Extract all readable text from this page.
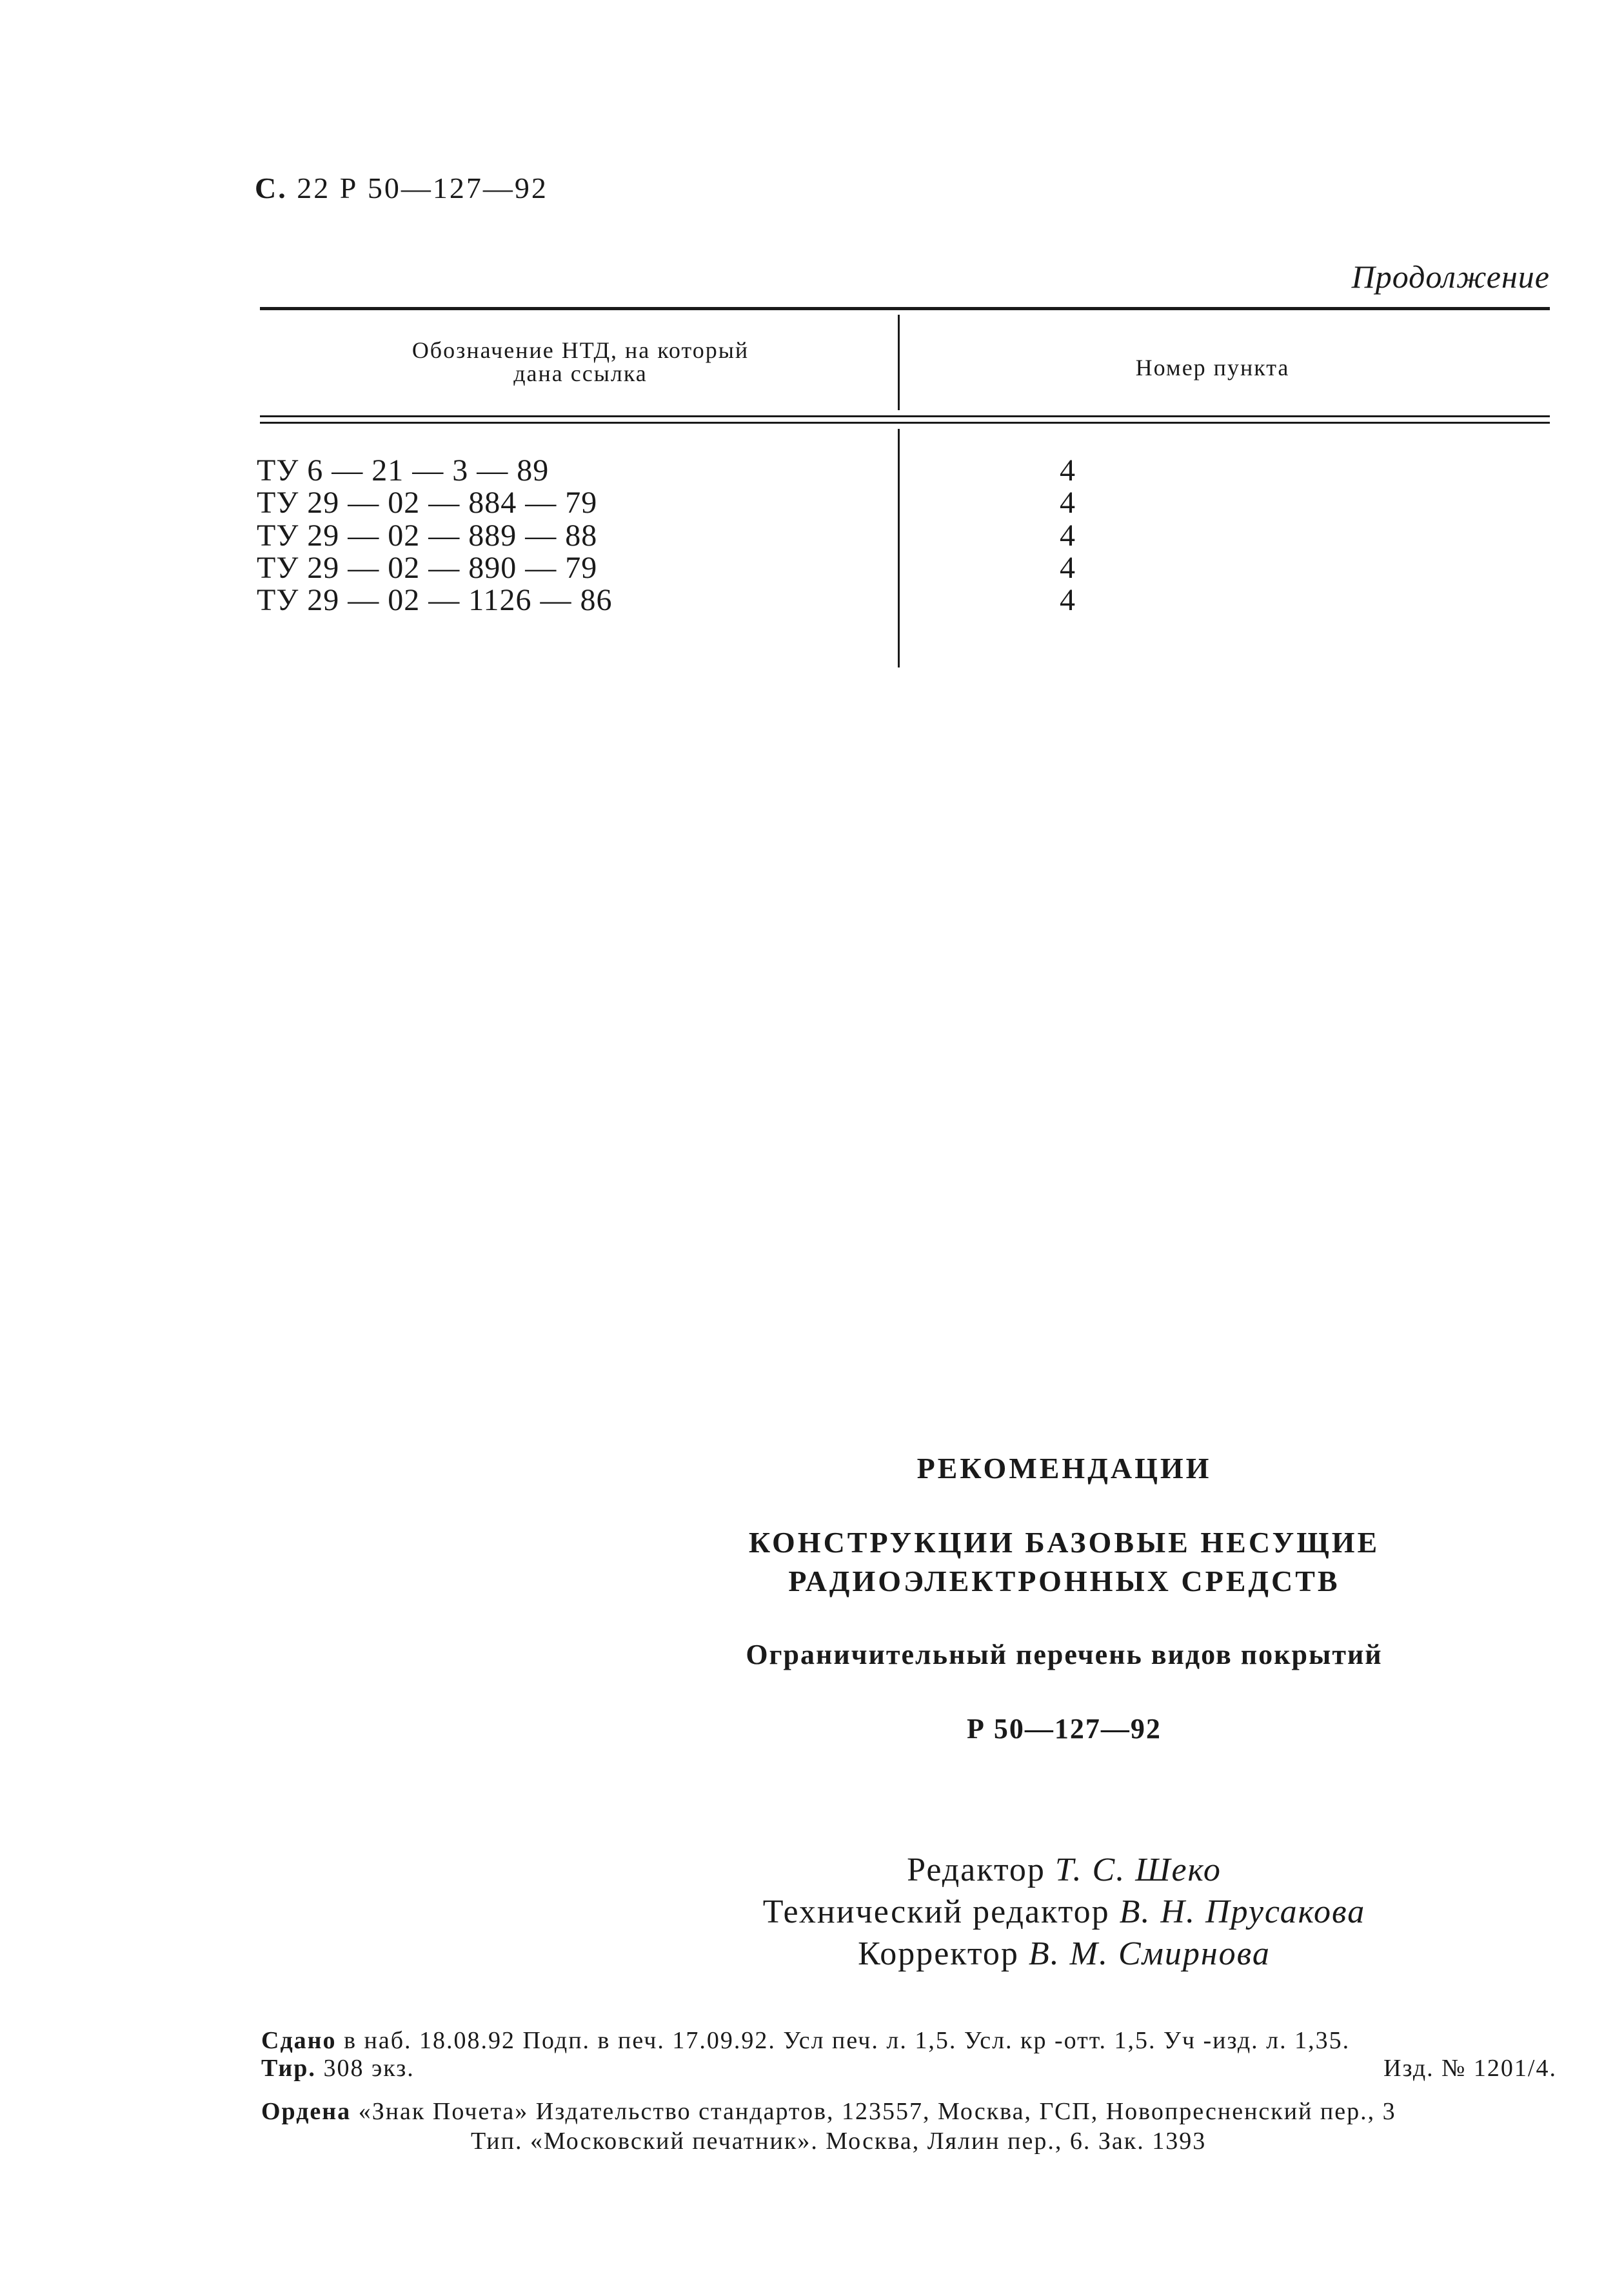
С. 22 Р 50—127—92
Продолжение
Обозначение НТД, на который
дана ссылка	Номер пункта
ТУ 6 — 21 — 3 — 89	4
ТУ 29 — 02 — 884 — 79	4
ТУ 29 — 02 — 889 — 88	4
ТУ 29 — 02 — 890 — 79	4
ТУ 29 — 02 — 1126 — 86	4
РЕКОМЕНДАЦИИ
КОНСТРУКЦИИ БАЗОВЫЕ НЕСУЩИЕ
РАДИОЭЛЕКТРОННЫХ СРЕДСТВ
Ограничительный перечень видов покрытий
Р 50—127—92
Редактор Т. С. Шеко
Технический редактор В. Н. Прусакова
Корректор В. М. Смирнова
Сдано в наб. 18.08.92 Подп. в печ. 17.09.92. Усл печ. л. 1,5. Усл. кр -отт. 1,5. Уч -изд. л. 1,35.
Тир. 308 экз.	Изд. № 1201/4.
Ордена «Знак Почета» Издательство стандартов, 123557, Москва, ГСП, Новопресненский пер., 3
Тип. «Московский печатник». Москва, Лялин пер., 6. Зак. 1393
